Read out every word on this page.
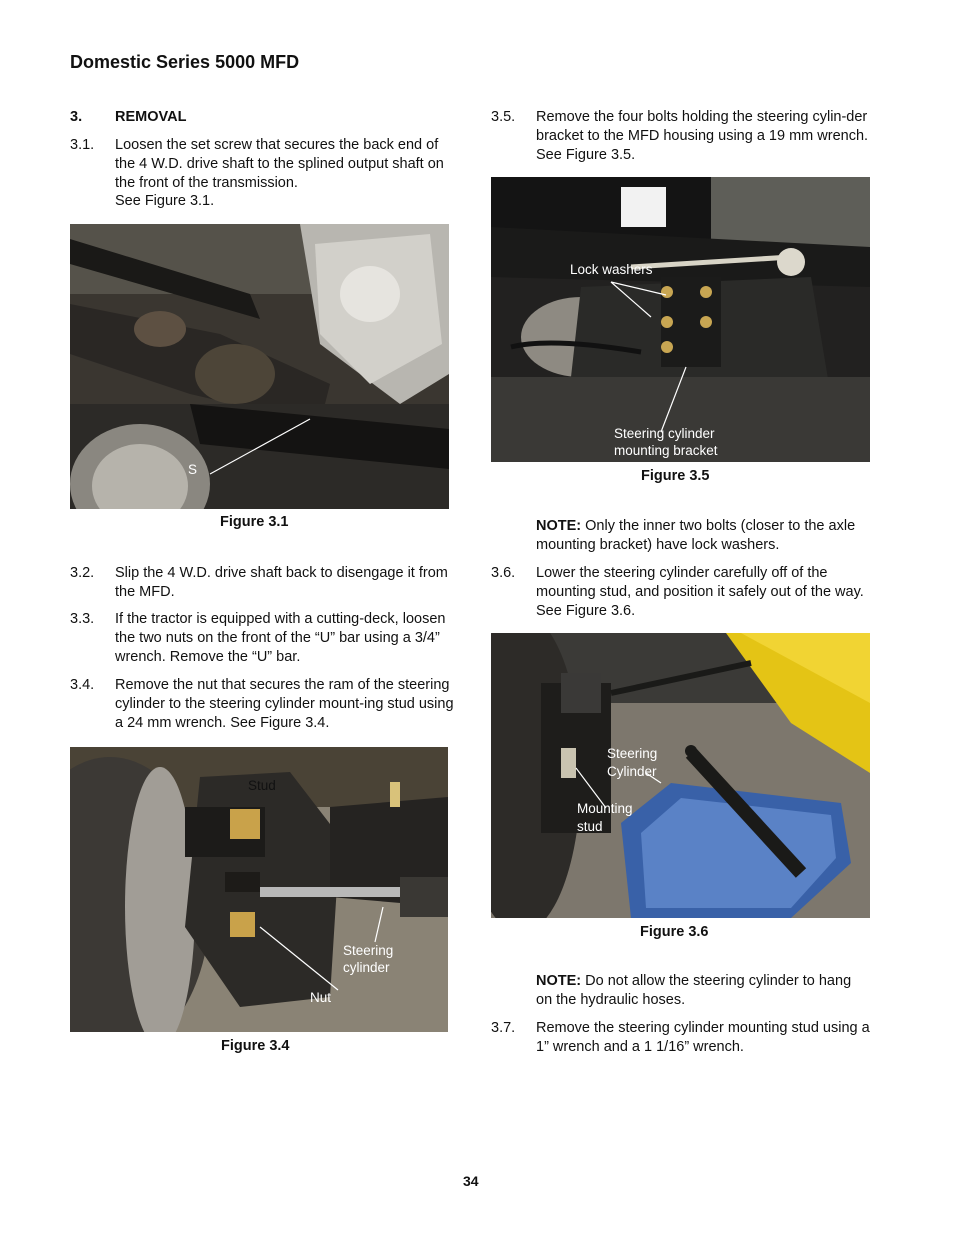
Domestic Series 5000 MFD
3. REMOVAL
3.1. Loosen the set screw that secures the back end of the 4 W.D. drive shaft to the splined output shaft on the front of the transmission.
See Figure 3.1.
S
Figure 3.1
3.2. Slip the 4 W.D. drive shaft back to disengage it from the MFD.
3.3. If the tractor is equipped with a cutting-deck, loosen the two nuts on the front of the “U” bar using a 3/4” wrench. Remove the “U” bar.
3.4. Remove the nut that secures the ram of the steering cylinder to the steering cylinder mount-ing stud using a 24 mm wrench. See Figure 3.4.
Stud
Steering
cylinder
Nut
Figure 3.4
3.5. Remove the four bolts holding the steering cylin-der bracket to the MFD housing using a 19 mm wrench. See Figure 3.5.
Lock washers
Steering cylinder
mounting bracket
Figure 3.5
NOTE: Only the inner two bolts (closer to the axle mounting bracket) have lock washers.
3.6. Lower the steering cylinder carefully off of the mounting stud, and position it safely out of the way. See Figure 3.6.
Steering
Cylinder
Mounting
stud
Figure 3.6
NOTE: Do not allow the steering cylinder to hang on the hydraulic hoses.
3.7. Remove the steering cylinder mounting stud using a 1” wrench and a 1 1/16” wrench.
34
